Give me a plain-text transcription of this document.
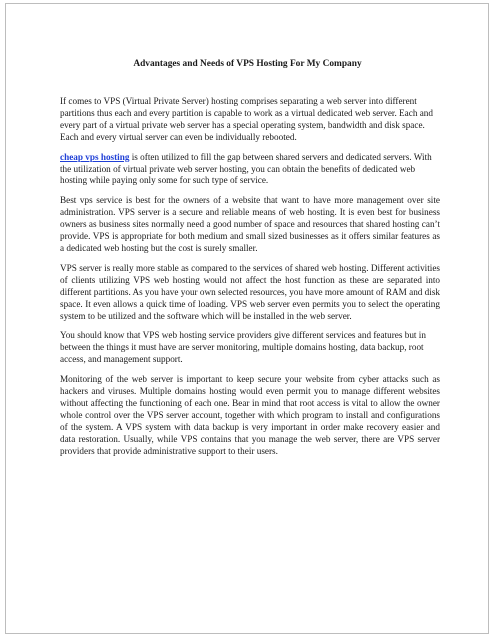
Advantages and Needs of VPS Hosting For My Company

If comes to VPS (Virtual Private Server) hosting comprises separating a web server into different partitions thus each and every partition is capable to work as a virtual dedicated web server. Each and every part of a virtual private web server has a special operating system, bandwidth and disk space. Each and every virtual server can even be individually rebooted.

cheap vps hosting is often utilized to fill the gap between shared servers and dedicated servers. With the utilization of virtual private web server hosting, you can obtain the benefits of dedicated web hosting while paying only some for such type of service.

Best vps service is best for the owners of a website that want to have more management over site administration. VPS server is a secure and reliable means of web hosting. It is even best for business owners as business sites normally need a good number of space and resources that shared hosting can’t provide. VPS is appropriate for both medium and small sized businesses as it offers similar features as a dedicated web hosting but the cost is surely smaller.

VPS server is really more stable as compared to the services of shared web hosting. Different activities of clients utilizing VPS web hosting would not affect the host function as these are separated into different partitions. As you have your own selected resources, you have more amount of RAM and disk space. It even allows a quick time of loading. VPS web server even permits you to select the operating system to be utilized and the software which will be installed in the web server.

You should know that VPS web hosting service providers give different services and features but in between the things it must have are server monitoring, multiple domains hosting, data backup, root access, and management support.

Monitoring of the web server is important to keep secure your website from cyber attacks such as hackers and viruses. Multiple domains hosting would even permit you to manage different websites without affecting the functioning of each one. Bear in mind that root access is vital to allow the owner whole control over the VPS server account, together with which program to install and configurations of the system. A VPS system with data backup is very important in order make recovery easier and data restoration. Usually, while VPS contains that you manage the web server, there are VPS server providers that provide administrative support to their users.
